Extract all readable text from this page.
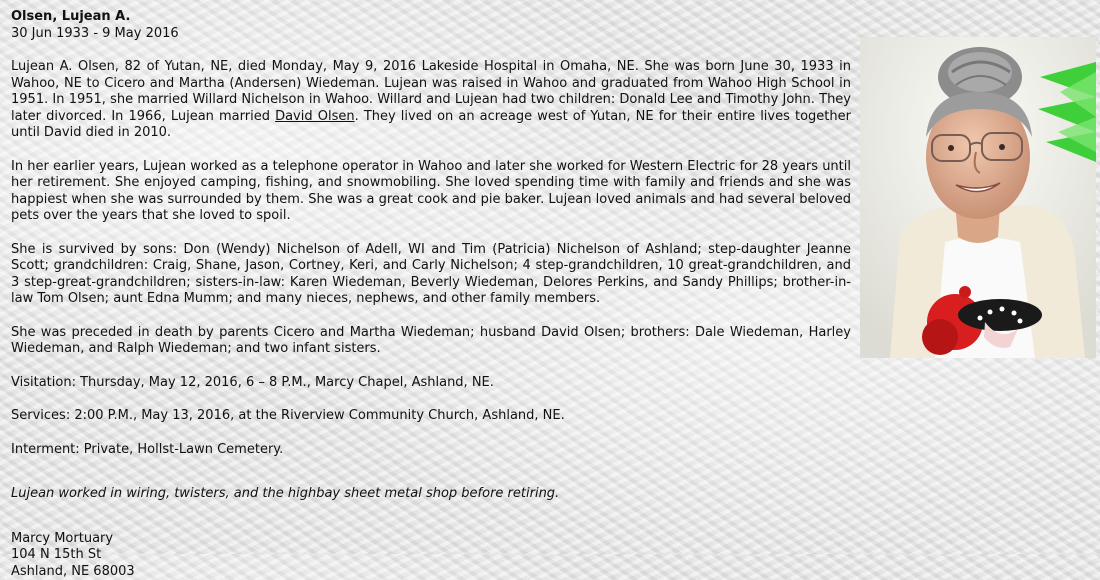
Olsen, Lujean A.
30 Jun 1933 - 9 May 2016

Lujean A. Olsen, 82 of Yutan, NE, died Monday, May 9, 2016 Lakeside Hospital in Omaha, NE. She was born June 30, 1933 in Wahoo, NE to Cicero and Martha (Andersen) Wiedeman. Lujean was raised in Wahoo and graduated from Wahoo High School in 1951. In 1951, she married Willard Nichelson in Wahoo. Willard and Lujean had two children: Donald Lee and Timothy John. They later divorced. In 1966, Lujean married David Olsen. They lived on an acreage west of Yutan, NE for their entire lives together until David died in 2010.

In her earlier years, Lujean worked as a telephone operator in Wahoo and later she worked for Western Electric for 28 years until her retirement. She enjoyed camping, fishing, and snowmobiling. She loved spending time with family and friends and she was happiest when she was surrounded by them. She was a great cook and pie baker. Lujean loved animals and had several beloved pets over the years that she loved to spoil.

She is survived by sons: Don (Wendy) Nichelson of Adell, WI and Tim (Patricia) Nichelson of Ashland; step-daughter Jeanne Scott; grandchildren: Craig, Shane, Jason, Cortney, Keri, and Carly Nichelson; 4 step-grandchildren, 10 great-grandchildren, and 3 step-great-grandchildren; sisters-in-law: Karen Wiedeman, Beverly Wiedeman, Delores Perkins, and Sandy Phillips; brother-in-law Tom Olsen; aunt Edna Mumm; and many nieces, nephews, and other family members.

She was preceded in death by parents Cicero and Martha Wiedeman; husband David Olsen; brothers: Dale Wiedeman, Harley Wiedeman, and Ralph Wiedeman; and two infant sisters.

Visitation: Thursday, May 12, 2016, 6 – 8 P.M., Marcy Chapel, Ashland, NE.

Services: 2:00 P.M., May 13, 2016, at the Riverview Community Church, Ashland, NE.

Interment: Private, Hollst-Lawn Cemetery.

Lujean worked in wiring, twisters, and the highbay sheet metal shop before retiring.

Marcy Mortuary
104 N 15th St
Ashland, NE 68003
